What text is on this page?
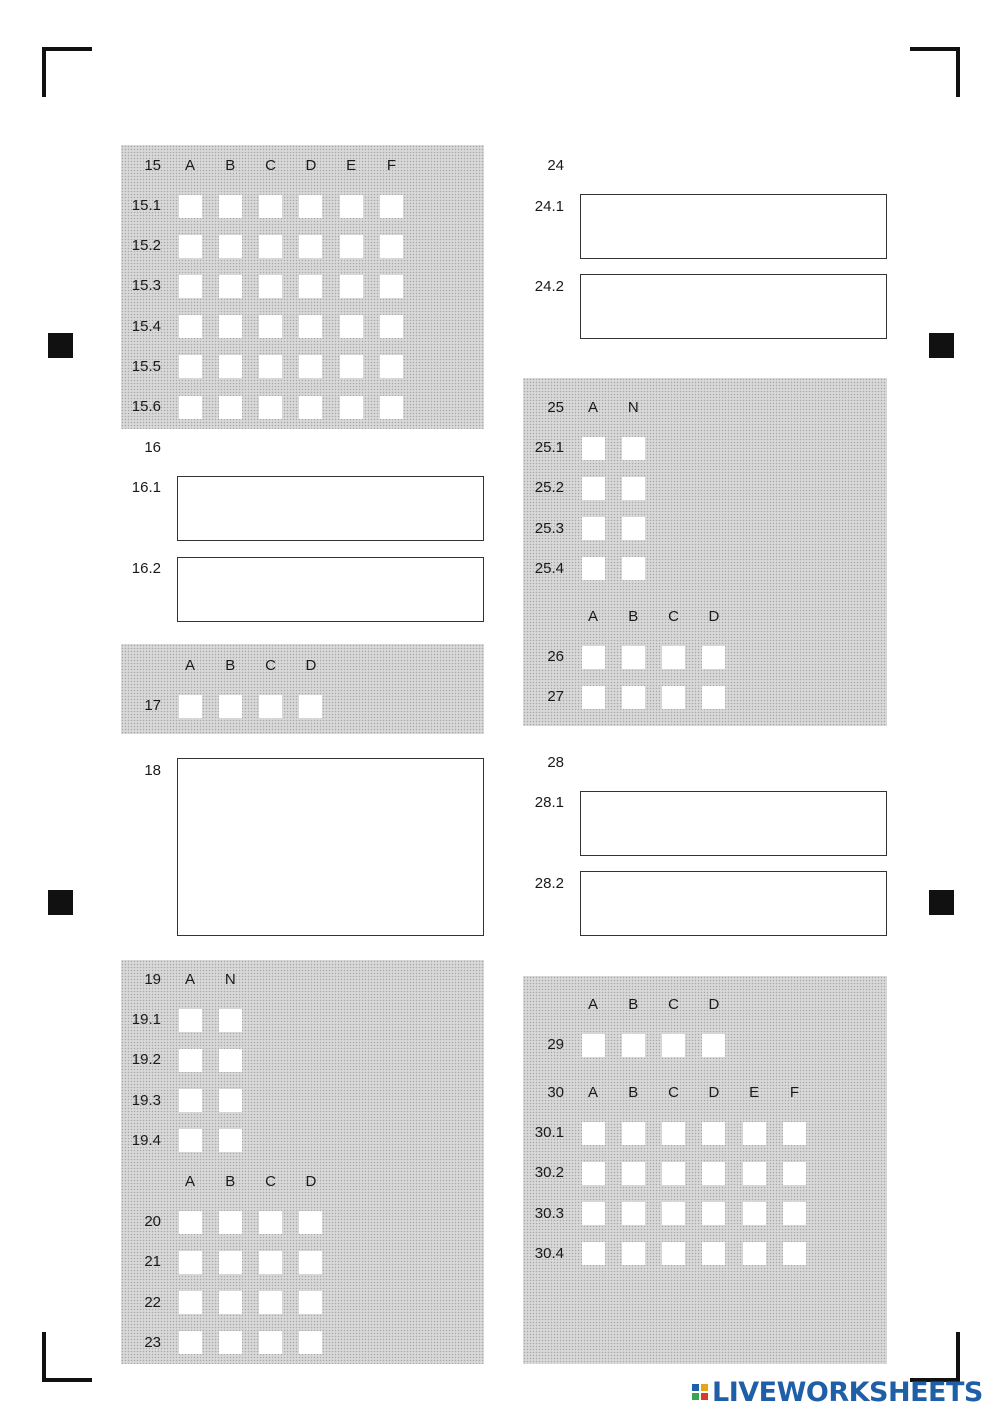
15	A	B	C	D	E	F
15.1
15.2
15.3
15.4
15.5
15.6
16
16.1
16.2
A	B	C	D
17
18
19	A	N
19.1
19.2
19.3
19.4
A	B	C	D
20
21
22
23
24
24.1
24.2
25	A	N
25.1
25.2
25.3
25.4
A	B	C	D
26
27
28
28.1
28.2
A	B	C	D
29
30	A	B	C	D	E	F
30.1
30.2
30.3
30.4
LIVEWORKSHEETS
